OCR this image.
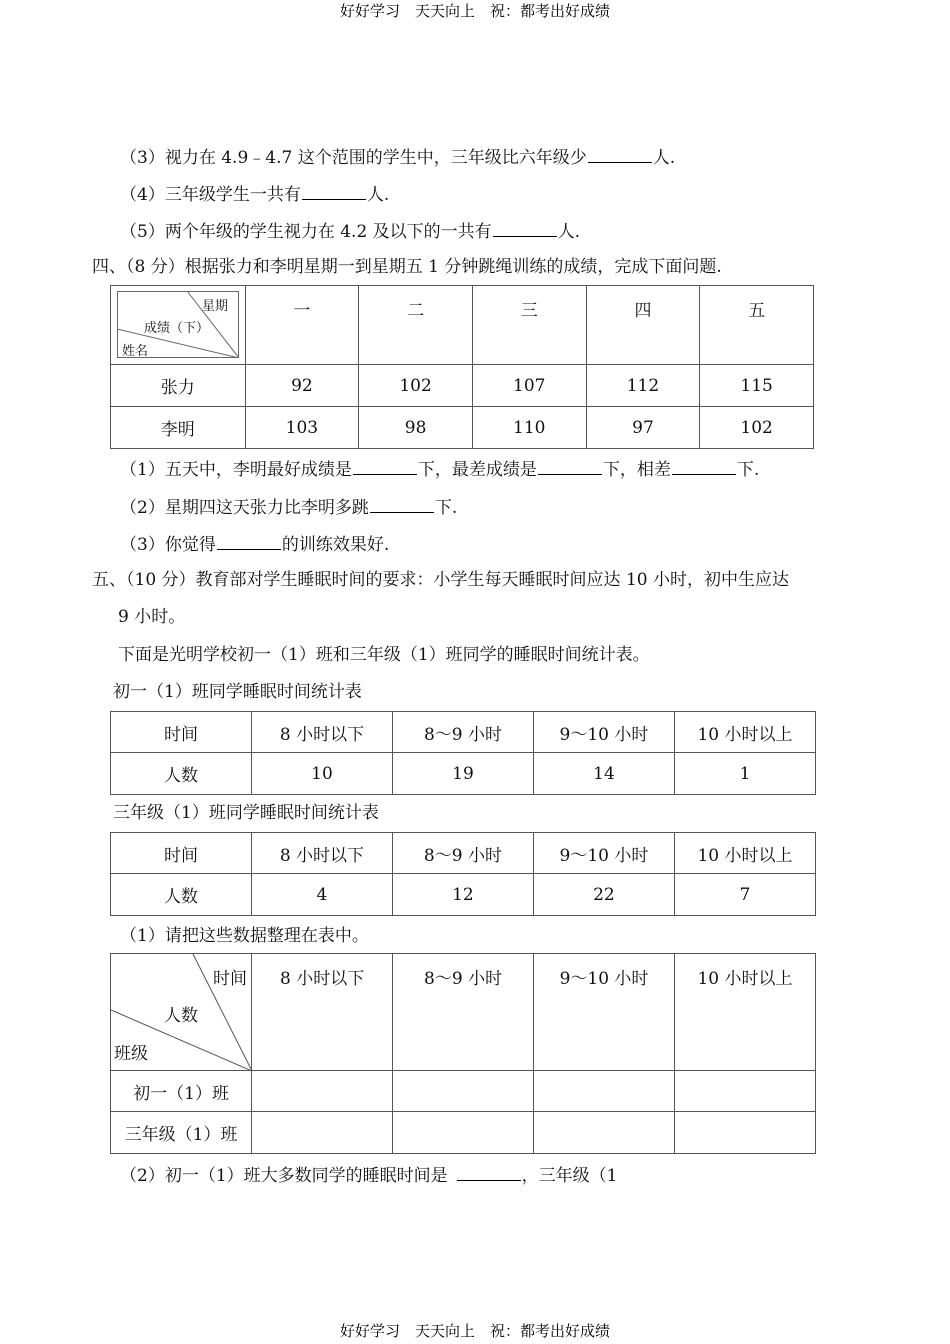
好好学习　天天向上　祝：都考出好成绩
（3）视力在 4.9﹣4.7 这个范围的学生中，三年级比六年级少	人.
（4）三年级学生一共有	人.
（5）两个年级的学生视力在 4.2 及以下的一共有	人.
四、（8 分）根据张力和李明星期一到星期五 1 分钟跳绳训练的成绩，完成下面问题.
星期
成绩（下）
姓名	一	二	三	四	五
张力	92	102	107	112	115
李明	103	98	110	97	102
（1）五天中，李明最好成绩是	下，最差成绩是	下，相差	下.
（2）星期四这天张力比李明多跳	下.
（3）你觉得	的训练效果好.
五、（10 分）教育部对学生睡眠时间的要求：小学生每天睡眠时间应达 10 小时，初中生应达
9 小时。
下面是光明学校初一（1）班和三年级（1）班同学的睡眠时间统计表。
初一（1）班同学睡眠时间统计表
时间	8 小时以下	8～9 小时	9～10 小时	10 小时以上
人数	10	19	14	1
三年级（1）班同学睡眠时间统计表
时间	8 小时以下	8～9 小时	9～10 小时	10 小时以上
人数	4	12	22	7
（1）请把这些数据整理在表中。
时间
人数
班级	8 小时以下	8～9 小时	9～10 小时	10 小时以上
初一（1）班				
三年级（1）班				
（2）初一（1）班大多数同学的睡眠时间是	，三年级（1
好好学习　天天向上　祝：都考出好成绩
